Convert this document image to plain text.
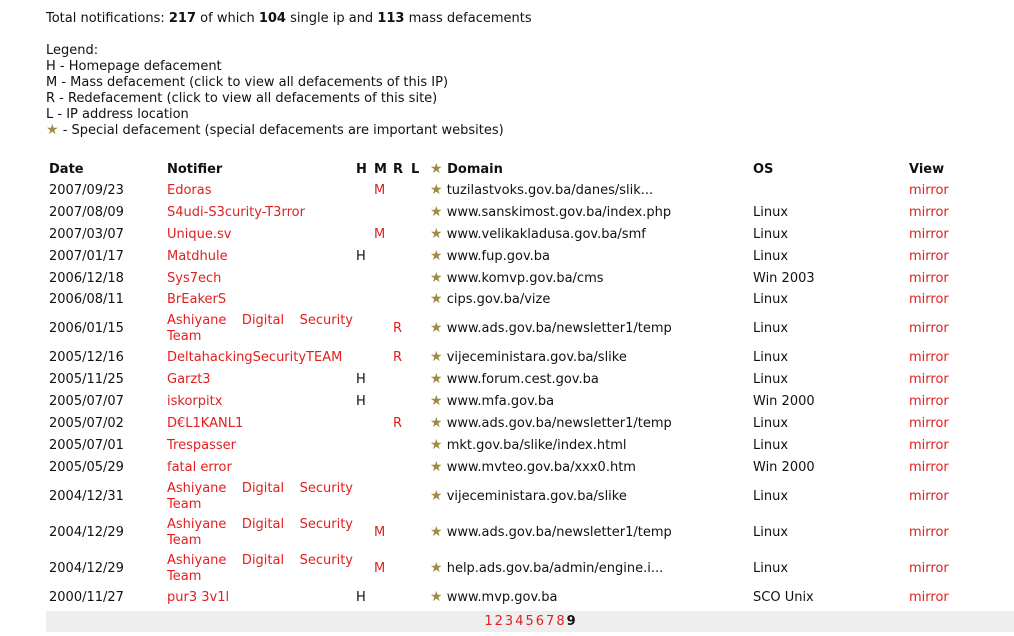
Total notifications: 217 of which 104 single ip and 113 mass defacements
Legend:
H - Homepage defacement
M - Mass defacement (click to view all defacements of this IP)
R - Redefacement (click to view all defacements of this site)
L - IP address location
★ - Special defacement (special defacements are important websites)
Date	Notifier	H	M	R	L	★ Domain	OS	View
2007/09/23	Edoras		M			★ tuzilastvoks.gov.ba/danes/slik...		mirror
2007/08/09	S4udi-S3curity-T3rror					★ www.sanskimost.gov.ba/index.php	Linux	mirror
2007/03/07	Unique.sv		M			★ www.velikakladusa.gov.ba/smf	Linux	mirror
2007/01/17	Matdhule	H				★ www.fup.gov.ba	Linux	mirror
2006/12/18	Sys7ech					★ www.komvp.gov.ba/cms	Win 2003	mirror
2006/08/11	BrEakerS					★ cips.gov.ba/vize	Linux	mirror
2006/01/15	Ashiyane Digital Security Team			R		★ www.ads.gov.ba/newsletter1/temp	Linux	mirror
2005/12/16	DeltahackingSecurityTEAM			R		★ vijeceministara.gov.ba/slike	Linux	mirror
2005/11/25	Garzt3	H				★ www.forum.cest.gov.ba	Linux	mirror
2005/07/07	iskorpitx	H				★ www.mfa.gov.ba	Win 2000	mirror
2005/07/02	D€L1KANL1			R		★ www.ads.gov.ba/newsletter1/temp	Linux	mirror
2005/07/01	Trespasser					★ mkt.gov.ba/slike/index.html	Linux	mirror
2005/05/29	fatal error					★ www.mvteo.gov.ba/xxx0.htm	Win 2000	mirror
2004/12/31	Ashiyane Digital Security Team					★ vijeceministara.gov.ba/slike	Linux	mirror
2004/12/29	Ashiyane Digital Security Team		M			★ www.ads.gov.ba/newsletter1/temp	Linux	mirror
2004/12/29	Ashiyane Digital Security Team		M			★ help.ads.gov.ba/admin/engine.i...	Linux	mirror
2000/11/27	pur3 3v1l	H				★ www.mvp.gov.ba	SCO Unix	mirror
1 2 3 4 5 6 7 8 9
